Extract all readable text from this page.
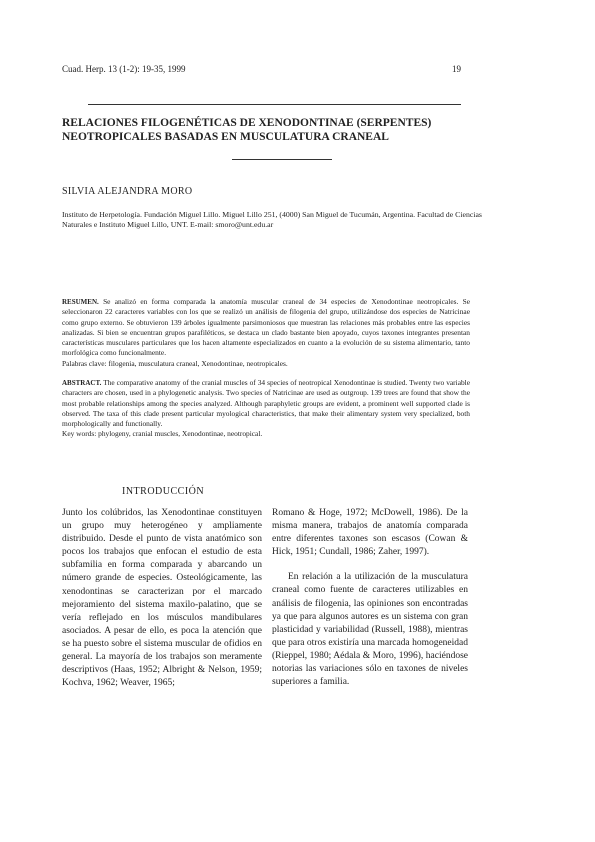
Cuad. Herp. 13 (1-2): 19-35, 1999	19
RELACIONES FILOGENÉTICAS DE XENODONTINAE (SERPENTES) NEOTROPICALES BASADAS EN MUSCULATURA CRANEAL
SILVIA ALEJANDRA MORO
Instituto de Herpetología. Fundación Miguel Lillo. Miguel Lillo 251, (4000) San Miguel de Tucumán, Argentina. Facultad de Ciencias Naturales e Instituto Miguel Lillo, UNT. E-mail: smoro@unt.edu.ar
RESUMEN. Se analizó en forma comparada la anatomía muscular craneal de 34 especies de Xenodontinae neotropicales. Se seleccionaron 22 caracteres variables con los que se realizó un análisis de filogenia del grupo, utilizándose dos especies de Natricinae como grupo externo. Se obtuvieron 139 árboles igualmente parsimoniosos que muestran las relaciones más probables entre las especies analizadas. Si bien se encuentran grupos parafiléticos, se destaca un clado bastante bien apoyado, cuyos taxones integrantes presentan características musculares particulares que los hacen altamente especializados en cuanto a la evolución de su sistema alimentario, tanto morfológica como funcionalmente.
Palabras clave: filogenia, musculatura craneal, Xenodontinae, neotropicales.
ABSTRACT. The comparative anatomy of the cranial muscles of 34 species of neotropical Xenodontinae is studied. Twenty two variable characters are chosen, used in a phylogenetic analysis. Two species of Natricinae are used as outgroup. 139 trees are found that show the most probable relationships among the species analyzed. Although paraphyletic groups are evident, a prominent well supported clade is observed. The taxa of this clade present particular myological characteristics, that make their alimentary system very specialized, both morphologically and functionally.
Key words: phylogeny, cranial muscles, Xenodontinae, neotropical.
INTRODUCCIÓN

Junto los colúbridos, las Xenodontinae constituyen un grupo muy heterogéneo y ampliamente distribuido. Desde el punto de vista anatómico son pocos los trabajos que enfocan el estudio de esta subfamilia en forma comparada y abarcando un número grande de especies. Osteológicamente, las xenodontinas se caracterizan por el marcado mejoramiento del sistema maxilo-palatino, que se vería reflejado en los músculos mandibulares asociados. A pesar de ello, es poca la atención que se ha puesto sobre el sistema muscular de ofidios en general. La mayoría de los trabajos son meramente descriptivos (Haas, 1952; Albright & Nelson, 1959; Kochva, 1962; Weaver, 1965;

Romano & Hoge, 1972; McDowell, 1986). De la misma manera, trabajos de anatomía comparada entre diferentes taxones son escasos (Cowan & Hick, 1951; Cundall, 1986; Zaher, 1997).

En relación a la utilización de la musculatura craneal como fuente de caracteres utilizables en análisis de filogenia, las opiniones son encontradas ya que para algunos autores es un sistema con gran plasticidad y variabilidad (Russell, 1988), mientras que para otros existiría una marcada homogeneidad (Rieppel, 1980; Aédala & Moro, 1996), haciéndose notorias las variaciones sólo en taxones de niveles superiores a familia.
